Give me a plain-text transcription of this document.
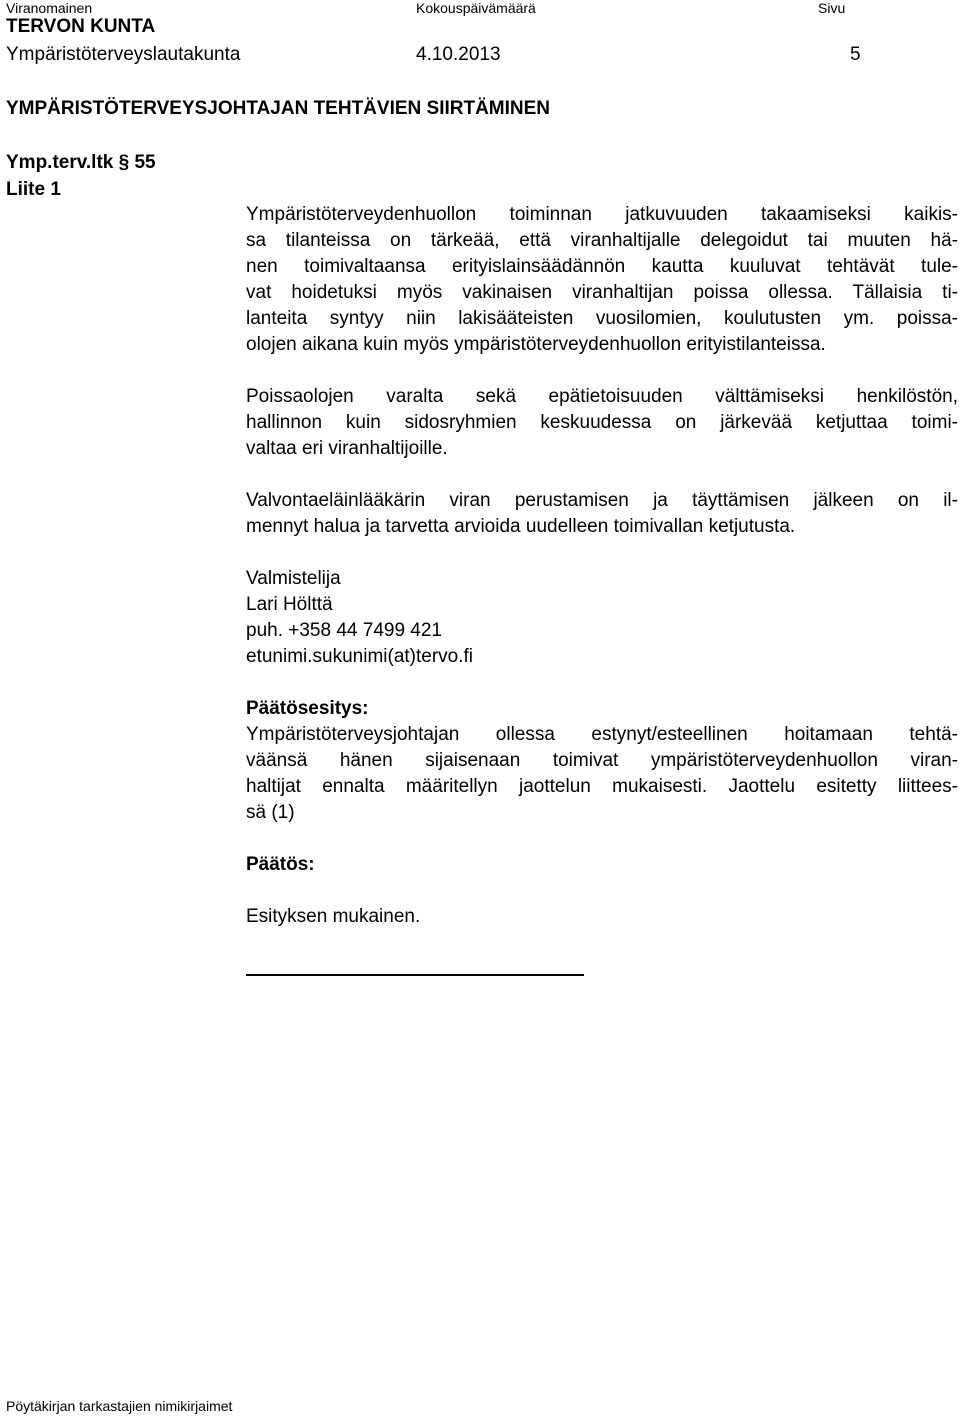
Viranomainen	Kokouspäivämäärä	Sivu
TERVON KUNTA
Ympäristöterveyslautakunta	4.10.2013	5
YMPÄRISTÖTERVEYSJOHTAJAN TEHTÄVIEN SIIRTÄMINEN
Ymp.terv.ltk § 55
Liite 1
Ympäristöterveydenhuollon toiminnan jatkuvuuden takaamiseksi kaikis-
sa tilanteissa on tärkeää, että viranhaltijalle delegoidut tai muuten hä-
nen toimivaltaansa erityislainsäädännön kautta kuuluvat tehtävät tule-
vat hoidetuksi myös vakinaisen viranhaltijan poissa ollessa. Tällaisia ti-
lanteita syntyy niin lakisääteisten vuosilomien, koulutusten ym. poissa-
olojen aikana kuin myös ympäristöterveydenhuollon erityistilanteissa.
Poissaolojen varalta sekä epätietoisuuden välttämiseksi henkilöstön,
hallinnon kuin sidosryhmien keskuudessa on järkevää ketjuttaa toimi-
valtaa eri viranhaltijoille.
Valvontaeläinlääkärin viran perustamisen ja täyttämisen jälkeen on il-
mennyt halua ja tarvetta arvioida uudelleen toimivallan ketjutusta.
Valmistelija
Lari Hölttä
puh. +358 44 7499 421
etunimi.sukunimi(at)tervo.fi
Päätösesitys:
Ympäristöterveysjohtajan ollessa estynyt/esteellinen hoitamaan tehtä-
väänsä hänen sijaisenaan toimivat ympäristöterveydenhuollon viran-
haltijat ennalta määritellyn jaottelun mukaisesti. Jaottelu esitetty liittees-
sä (1)
Päätös:
Esityksen mukainen.
Pöytäkirjan tarkastajien nimikirjaimet
